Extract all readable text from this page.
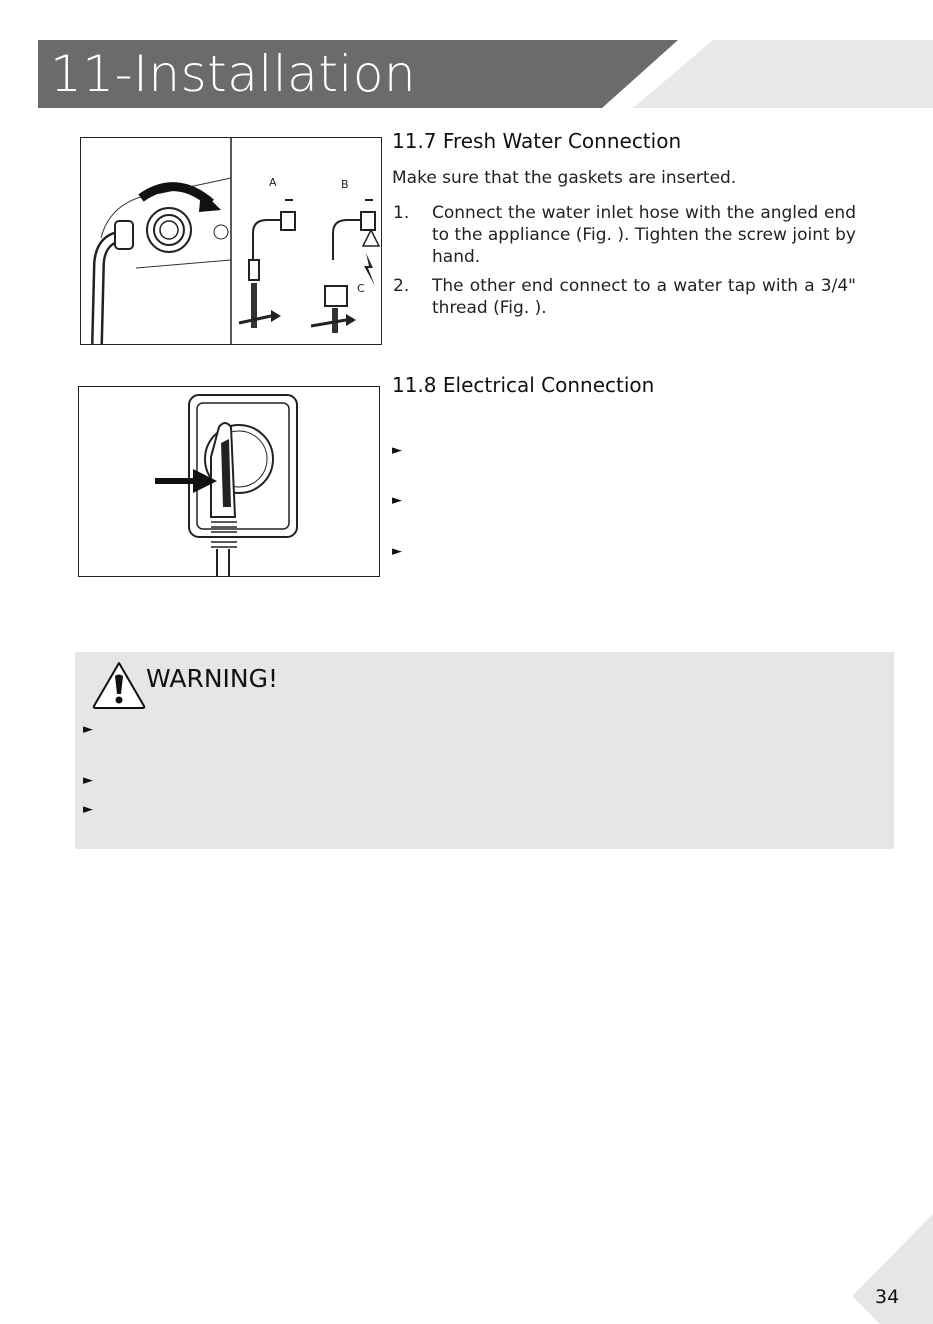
11-Installation
A	B
C
11.7 Fresh Water Connection
Make sure that the gaskets are inserted.
1. Connect the water inlet hose with the angled end to the appliance (Fig. ). Tighten the screw joint by hand.
2. The other end connect to a water tap with a 3/4" thread (Fig. ).
11.8 Electrical Connection
►
►
►
WARNING!
►
►
►
34
